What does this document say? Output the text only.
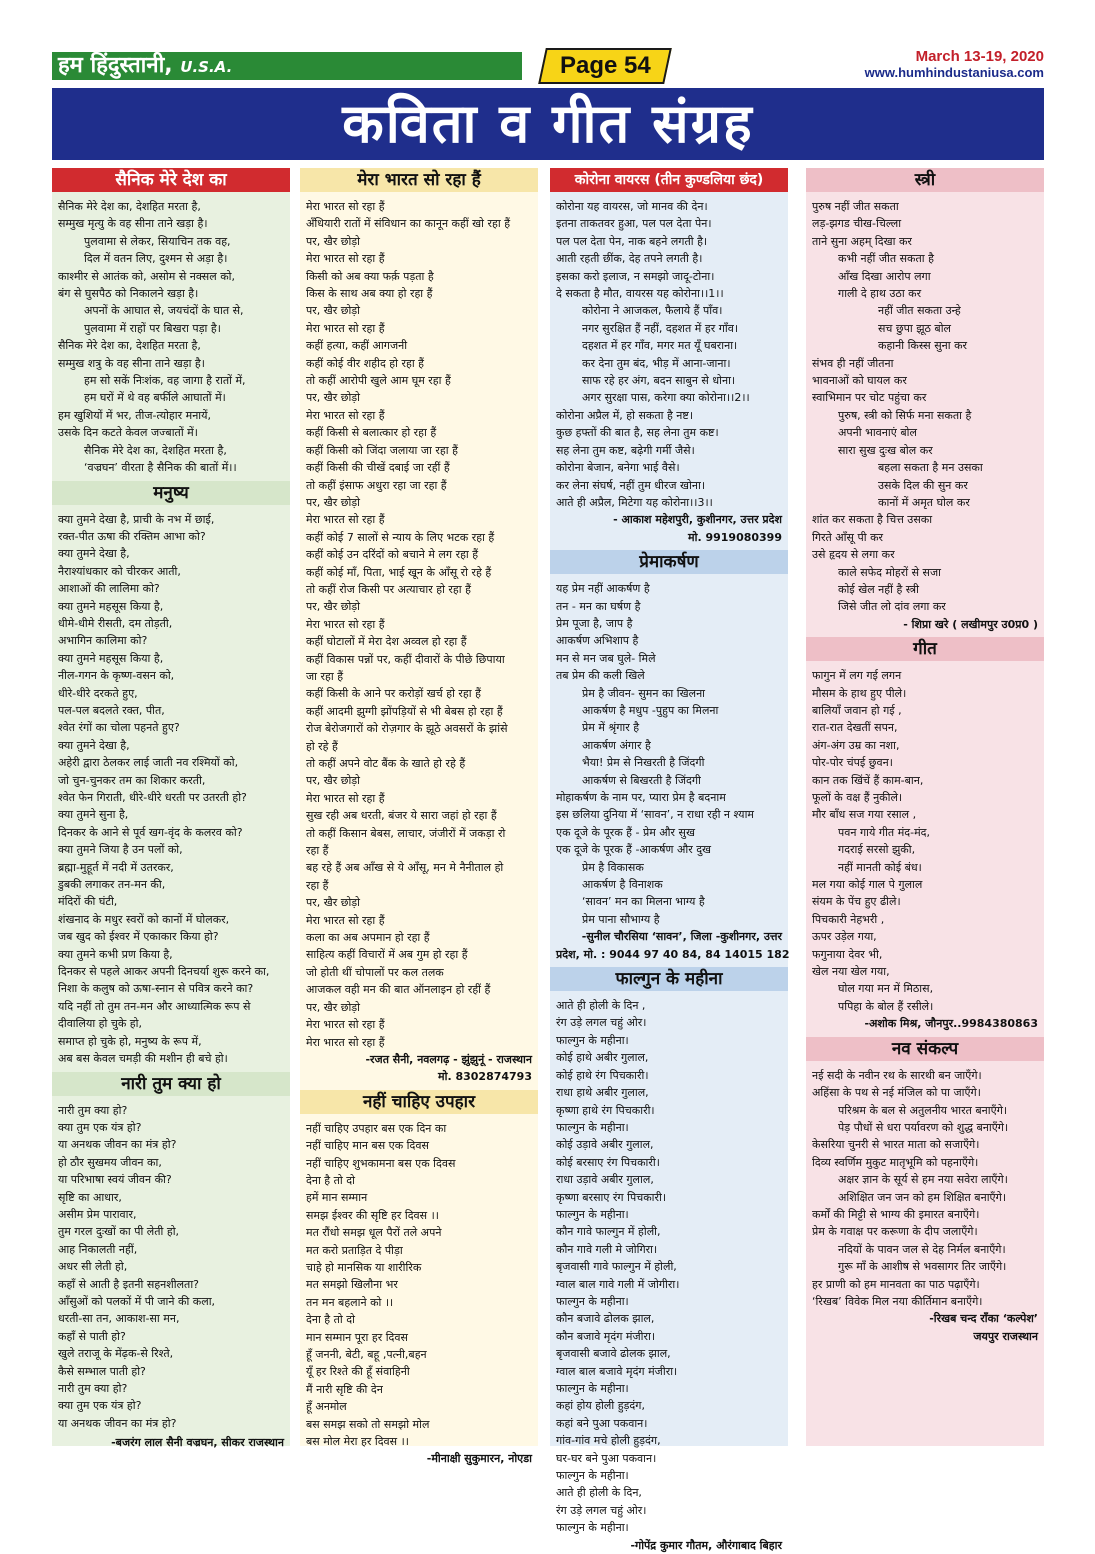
हम हिंदुस्तानी, U.S.A.	Page 54	March 13-19, 2020
www.humhindustaniusa.com
कविता व गीत संग्रह
सैनिक मेरे देश का
सैनिक मेरे देश का, देशहित मरता है,
सम्मुख मृत्यु के वह सीना ताने खड़ा है।
पुलवामा से लेकर, सियाचिन तक वह,
दिल में वतन लिए, दुश्मन से अड़ा है।
काश्मीर से आतंक को, असोम से नक्सल को,
बंग से घुसपैठ को निकालने खड़ा है।
अपनों के आघात से, जयचंदों के घात से,
पुलवामा में राहों पर बिखरा पड़ा है।
सैनिक मेरे देश का, देशहित मरता है,
सम्मुख शत्रु के वह सीना ताने खड़ा है।
हम सो सकें निःशंक, वह जागा है रातों में,
हम घरों में थे वह बर्फीले आघातों में।
हम खुशियों में भर, तीज-त्योहार मनायें,
उसके दिन कटते केवल जज्बातों में।
सैनिक मेरे देश का, देशहित मरता है,
‘वज्रघन’ वीरता है सैनिक की बातों में।।
मनुष्य
क्या तुमने देखा है, प्राची के नभ में छाई,
रक्त-पीत ऊषा की रक्तिम आभा को?
क्या तुमने देखा है,
नैराश्यांधकार को चीरकर आती,
आशाओं की लालिमा को?
क्या तुमने महसूस किया है,
धीमे-धीमे रीसती, दम तोड़ती,
अभागिन कालिमा को?
क्या तुमने महसूस किया है,
नील-गगन के कृष्ण-वसन को,
धीरे-धीरे दरकते हुए,
पल-पल बदलते रक्त, पीत,
श्वेत रंगों का चोला पहनते हुए?
क्या तुमने देखा है,
अहेरी द्वारा ठेलकर लाई जाती नव रश्मियों को,
जो चुन-चुनकर तम का शिकार करती,
श्वेत फेन गिराती, धीरे-धीरे धरती पर उतरती हो?
क्या तुमने सुना है,
दिनकर के आने से पूर्व खग-वृंद के कलरव को?
क्या तुमने जिया है उन पलों को,
ब्रह्मा-मुहूर्त में नदी में उतरकर,
डुबकी लगाकर तन-मन की,
मंदिरों की घंटी,
शंखनाद के मधुर स्वरों को कानों में घोलकर,
जब खुद को ईश्वर में एकाकार किया हो?
क्या तुमने कभी प्रण किया है,
दिनकर से पहले आकर अपनी दिनचर्या शुरू करने का,
निशा के कलुष को ऊषा-स्नान से पवित्र करने का?
यदि नहीं तो तुम तन-मन और आध्यात्मिक रूप से
दीवालिया हो चुके हो,
समाप्त हो चुके हो, मनुष्य के रूप में,
अब बस केवल चमड़ी की मशीन ही बचे हो।
नारी तुम क्या हो
नारी तुम क्या हो?
क्या तुम एक यंत्र हो?
या अनथक जीवन का मंत्र हो?
हो ठौर सुखमय जीवन का,
या परिभाषा स्वयं जीवन की?
सृष्टि का आधार,
असीम प्रेम पारावार,
तुम गरल दुःखों का पी लेती हो,
आह निकालती नहीं,
अधर सी लेती हो,
कहाँ से आती है इतनी सहनशीलता?
आँसुओं को पलकों में पी जाने की कला,
धरती-सा तन, आकाश-सा मन,
कहाँ से पाती हो?
खुले तराजू के मेंढ़क-से रिश्ते,
कैसे सम्भाल पाती हो?
नारी तुम क्या हो?
क्या तुम एक यंत्र हो?
या अनथक जीवन का मंत्र हो?
-बजरंग लाल सैनी वज्रघन, सीकर राजस्थान
मेरा भारत सो रहा हैं
मेरा भारत सो रहा हैं
अँधियारी रातों में संविधान का कानून कहीं खो रहा हैं
पर, खैर छोड़ो
मेरा भारत सो रहा हैं
किसी को अब क्या फर्क़ पड़ता है
किस के साथ अब क्या हो रहा हैं
पर, खैर छोड़ो
मेरा भारत सो रहा हैं
कहीं हत्या, कहीं आगजनी
कहीं कोई वीर शहीद हो रहा हैं
तो कहीं आरोपी खुले आम घूम रहा हैं
पर, खैर छोड़ो
मेरा भारत सो रहा हैं
कहीं किसी से बलात्कार हो रहा हैं
कहीं किसी को जिंदा जलाया जा रहा हैं
कहीं किसी की चीखें दबाई जा रहीं हैं
तो कहीं इंसाफ अधुरा रहा जा रहा हैं
पर, खैर छोड़ो
मेरा भारत सो रहा हैं
कहीं कोई 7 सालों से न्याय के लिए भटक रहा हैं
कहीं कोई उन दरिंदों को बचाने मे लग रहा हैं
कहीं कोई माँ, पिता, भाई खून के आँसू रो रहे हैं
तो कहीं रोज किसी पर अत्याचार हो रहा हैं
पर, खैर छोड़ो
मेरा भारत सो रहा हैं
कहीं घोटालों में मेरा देश अव्वल हो रहा हैं
कहीं विकास पन्नों पर, कहीं दीवारों के पीछे छिपाया
जा रहा हैं
कहीं किसी के आने पर करोड़ों खर्च हो रहा हैं
कहीं आदमी झुग्गी झोंपड़ियों से भी बेबस हो रहा हैं
रोज बेरोजगारों को रोज़गार के झूठे अवसरों के झांसे
हो रहे हैं
तो कहीं अपने वोट बैंक के खाते हो रहे हैं
पर, खैर छोड़ो
मेरा भारत सो रहा हैं
सुख रही अब धरती, बंजर ये सारा जहां हो रहा हैं
तो कहीं किसान बेबस, लाचार, जंजीरों में जकड़ा रो
रहा हैं
बह रहे हैं अब आँख से ये आँसू, मन मे नैनीताल हो
रहा हैं
पर, खैर छोड़ो
मेरा भारत सो रहा हैं
कला का अब अपमान हो रहा हैं
साहित्य कहीं विचारों में अब गुम हो रहा हैं
जो होती थीं चोपालों पर कल तलक
आजकल वही मन की बात ऑनलाइन हो रहीं हैं
पर, खैर छोड़ो
मेरा भारत सो रहा हैं
मेरा भारत सो रहा हैं
-रजत सैनी, नवलगढ़ - झुंझुनूं - राजस्थान
मो. 8302874793
नहीं चाहिए उपहार
नहीं चाहिए उपहार बस एक दिन का
नहीं चाहिए मान बस एक दिवस
नहीं चाहिए शुभकामना बस एक दिवस
देना है तो दो
हमें मान सम्मान
समझ ईश्वर की सृष्टि हर दिवस ।।
मत रौंधो समझ धूल पैरों तले अपने
मत करो प्रताड़ित दे पीड़ा
चाहे हो मानसिक या शारीरिक
मत समझो खिलौना भर
तन मन बहलाने को ।।
देना है तो दो
मान सम्मान पूरा हर दिवस
हूँ जननी, बेटी, बहू ,पत्नी,बहन
यूँ हर रिश्ते की हूँ संवाहिनी
मैं नारी सृष्टि की देन
हूँ अनमोल
बस समझ सको तो समझो मोल
बस मोल मेरा हर दिवस ।।
-मीनाक्षी सुकुमारन, नोएडा
कोरोना वायरस (तीन कुण्डलिया छंद)
कोरोना यह वायरस, जो मानव की देन।
इतना ताकतवर हुआ, पल पल देता पेन।
पल पल देता पेन, नाक बहने लगती है।
आती रहती छींक, देह तपने लगती है।
इसका करो इलाज, न समझो जादू-टोना।
दे सकता है मौत, वायरस यह कोरोना।।1।।
कोरोना ने आजकल, फैलाये हैं पाँव।
नगर सुरक्षित हैं नहीं, दहशत में हर गाँव।
दहशत में हर गाँव, मगर मत यूँ घबराना।
कर देना तुम बंद, भीड़ में आना-जाना।
साफ रहे हर अंग, बदन साबुन से धोना।
अगर सुरक्षा पास, करेगा क्या कोरोना।।2।।
कोरोना अप्रैल में, हो सकता है नष्ट।
कुछ हफ्तों की बात है, सह लेना तुम कष्ट।
सह लेना तुम कष्ट, बढ़ेगी गर्मी जैसे।
कोरोना बेजान, बनेगा भाई वैसे।
कर लेना संघर्ष, नहीं तुम धीरज खोना।
आते ही अप्रैल, मिटेगा यह कोरोना।।3।।
- आकाश महेशपुरी, कुशीनगर, उत्तर प्रदेश
मो. 9919080399
प्रेमाकर्षण
यह प्रेम नहीं आकर्षण है
तन - मन का घर्षण है
प्रेम पूजा है, जाप है
आकर्षण अभिशाप है
मन से मन जब घुले- मिले
तब प्रेम की कली खिले
प्रेम है जीवन- सुमन का खिलना
आकर्षण है मधुप -पुहुप का मिलना
प्रेम में श्रृंगार है
आकर्षण अंगार है
भैया! प्रेम से निखरती है जिंदगी
आकर्षण से बिखरती है जिंदगी
मोहाकर्षण के नाम पर, प्यारा प्रेम है बदनाम
इस छलिया दुनिया में ‘सावन’, न राधा रही न श्याम
एक दूजे के पूरक हैं - प्रेम और सुख
एक दूजे के पूरक हैं -आकर्षण और दुख
प्रेम है विकासक
आकर्षण है विनाशक
‘सावन’ मन का मिलना भाग्य है
प्रेम पाना सौभाग्य है
-सुनील चौरसिया ‘सावन’, जिला -कुशीनगर, उत्तर
प्रदेश, मो. : 9044 97 40 84, 84 14015 182
फाल्गुन के महीना
आते ही होली के दिन ,
रंग उड़े लगल चहुं ओर।
फाल्गुन के महीना।
कोई हाथे अबीर गुलाल,
कोई हाथे रंग पिचकारी।
राधा हाथे अबीर गुलाल,
कृष्णा हाथे रंग पिचकारी।
फाल्गुन के महीना।
कोई उड़ावे अबीर गुलाल,
कोई बरसाए रंग पिचकारी।
राधा उड़ावे अबीर गुलाल,
कृष्णा बरसाए रंग पिचकारी।
फाल्गुन के महीना।
कौन गावे फाल्गुन में होली,
कौन गावे गली मे जोगिरा।
बृजवासी गावे फाल्गुन में होली,
ग्वाल बाल गावे गली में जोगीरा।
फाल्गुन के महीना।
कौन बजावे ढोलक झाल,
कौन बजावे मृदंग मंजीरा।
बृजवासी बजावे ढोलक झाल,
ग्वाल बाल बजावे मृदंग मंजीरा।
फाल्गुन के महीना।
कहां होय होली हुड़दंग,
कहां बने पुआ पकवान।
गांव-गांव मचे होली हुड़दंग,
घर-घर बने पुआ पकवान।
फाल्गुन के महीना।
आते ही होली के दिन,
रंग उड़े लगल चहुं ओर।
फाल्गुन के महीना।
-गोपेंद्र कुमार गौतम, औरंगाबाद बिहार
स्त्री
पुरुष नहीं जीत सकता
लड़-झगड चीख-चिल्ला
ताने सुना अहम् दिखा कर
कभी नहीं जीत सकता है
आँख दिखा आरोप लगा
गाली दे हाथ उठा कर
नहीं जीत सकता उन्हे
सच छुपा झूठ बोल
कहानी किस्स सुना कर
संभव ही नहीं जीतना
भावनाओं को घायल कर
स्वाभिमान पर चोट पहुंचा कर
पुरुष, स्त्री को सिर्फ मना सकता है
अपनी भावनाएं बोल
सारा सुख दुःख बोल कर
बहला सकता है मन उसका
उसके दिल की सुन कर
कानों में अमृत घोल कर
शांत कर सकता है चित्त उसका
गिरते आँसू पी कर
उसे हृदय से लगा कर
काले सफेद मोहरों से सजा
कोई खेल नहीं है स्त्री
जिसे जीत लो दांव लगा कर
- शिप्रा खरे ( लखीमपुर उ0प्र0 )
गीत
फागुन में लग गई लगन
मौसम के हाथ हुए पीले।
बालियाँ जवान हो गई ,
रात-रात देखतीं सपन,
अंग-अंग उम्र का नशा,
पोर-पोर चंपई छुवन।
कान तक खिंचें हैं काम-बान,
फूलों के वक्ष हैं नुकीले।
मौर बाँध सज गया रसाल ,
पवन गाये गीत मंद-मंद,
गदराई सरसो झुकी,
नहीं मानती कोई बंध।
मल गया कोई गाल पे गुलाल
संयम के पेंच हुए ढीले।
पिचकारी नेहभरी ,
ऊपर उड़ेल गया,
फगुनाया देवर भी,
खेल नया खेल गया,
घोल गया मन में मिठास,
पपिहा के बोल हैं रसीले।
-अशोक मिश्र, जौनपुर..9984380863
नव संकल्प
नई सदी के नवीन रथ के सारथी बन जाएँगे।
अहिंसा के पथ से नई मंजिल को पा जाएँगे।
परिश्रम के बल से अतुलनीय भारत बनाएँगे।
पेड़ पौधों से धरा पर्यावरण को शुद्ध बनाएँगे।
केसरिया चुनरी से भारत माता को सजाएँगे।
दिव्य स्वर्णिम मुकुट मातृभूमि को पहनाएँगे।
अक्षर ज्ञान के सूर्य से हम नया सवेरा लाएँगे।
अशिक्षित जन जन को हम शिक्षित बनाएँगे।
कर्मों की मिट्टी से भाग्य की इमारत बनाएँगे।
प्रेम के गवाक्ष पर करूणा के दीप जलाएँगे।
नदियों के पावन जल से देह निर्मल बनाएँगे।
गुरू माँ के आशीष से भवसागर तिर जाएँगे।
हर प्राणी को हम मानवता का पाठ पढ़ाएँगे।
‘रिखब’ विवेक मिल नया कीर्तिमान बनाएँगे।
-रिखब चन्द राँका ‘कल्पेश’
जयपुर राजस्थान
